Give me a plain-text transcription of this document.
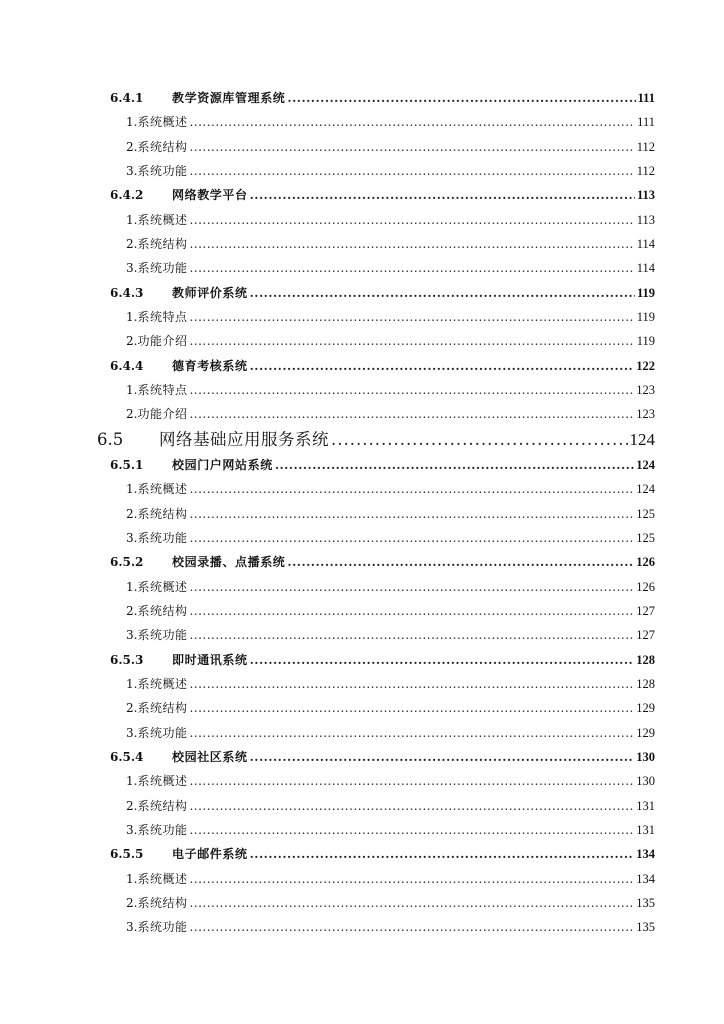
6.4.1	教学资源库管理系统 .....	111
1. 系统概述 .....	111
2. 系统结构 .....	112
3. 系统功能 .....	112
6.4.2	网络教学平台 .....	113
1. 系统概述 .....	113
2. 系统结构 .....	114
3. 系统功能 .....	114
6.4.3	教师评价系统 .....	119
1. 系统特点 .....	119
2. 功能介绍 .....	119
6.4.4	德育考核系统 .....	122
1. 系统特点 .....	123
2. 功能介绍 .....	123
6.5	网络基础应用服务系统 .....	124
6.5.1	校园门户网站系统 .....	124
1. 系统概述 .....	124
2. 系统结构 .....	125
3. 系统功能 .....	125
6.5.2	校园录播、点播系统 .....	126
1. 系统概述 .....	126
2. 系统结构 .....	127
3. 系统功能 .....	127
6.5.3	即时通讯系统 .....	128
1. 系统概述 .....	128
2. 系统结构 .....	129
3. 系统功能 .....	129
6.5.4	校园社区系统 .....	130
1. 系统概述 .....	130
2. 系统结构 .....	131
3. 系统功能 .....	131
6.5.5	电子邮件系统 .....	134
1. 系统概述 .....	134
2. 系统结构 .....	135
3. 系统功能 .....	135
